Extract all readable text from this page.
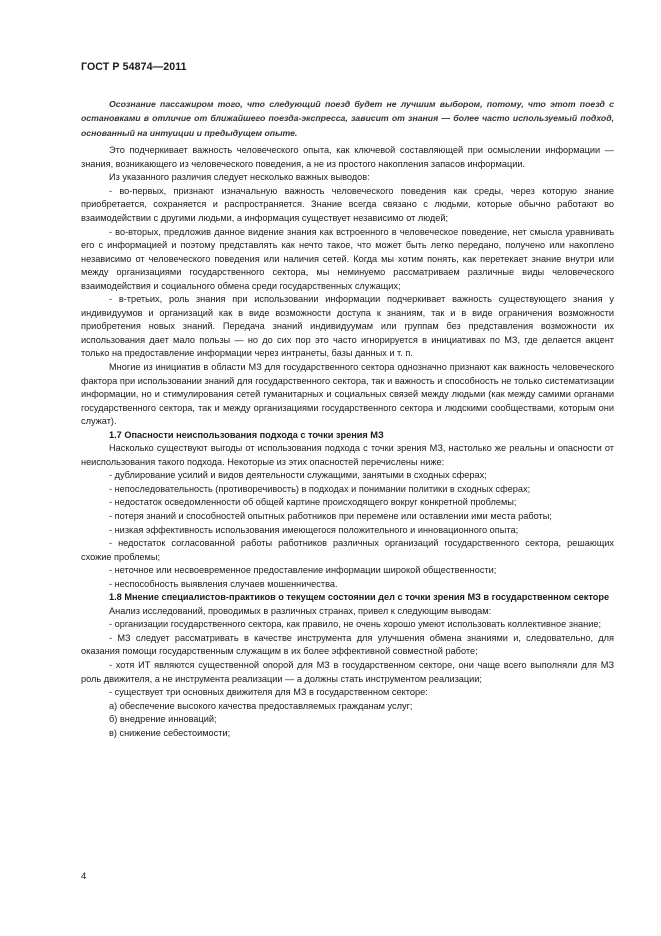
ГОСТ Р 54874—2011

Осознание пассажиром того, что следующий поезд будет не лучшим выбором, потому, что этот поезд с остановками в отличие от ближайшего поезда-экспресса, зависит от знания — более часто используемый подход, основанный на интуиции и предыдущем опыте.

Это подчеркивает важность человеческого опыта, как ключевой составляющей при осмыслении информации — знания, возникающего из человеческого поведения, а не из простого накопления запасов информации.

Из указанного различия следует несколько важных выводов:

- во-первых, признают изначальную важность человеческого поведения как среды, через которую знание приобретается, сохраняется и распространяется. Знание всегда связано с людьми, которые обычно работают во взаимодействии с другими людьми, а информация существует независимо от людей;

- во-вторых, предложив данное видение знания как встроенного в человеческое поведение, нет смысла уравнивать его с информацией и поэтому представлять как нечто такое, что может быть легко передано, получено или накоплено независимо от человеческого поведения или наличия сетей. Когда мы хотим понять, как перетекает знание внутри или между организациями государственного сектора, мы неминуемо рассматриваем различные виды человеческого взаимодействия и социального обмена среди государственных служащих;

- в-третьих, роль знания при использовании информации подчеркивает важность существующего знания у индивидуумов и организаций как в виде возможности доступа к знаниям, так и в виде ограничения возможности приобретения новых знаний. Передача знаний индивидуумам или группам без представления возможности их использования дает мало пользы — но до сих пор это часто игнорируется в инициативах по МЗ, где делается акцент только на предоставление информации через интранеты, базы данных и т. п.

Многие из инициатив в области МЗ для государственного сектора однозначно признают как важность человеческого фактора при использовании знаний для государственного сектора, так и важность и способность не только систематизации информации, но и стимулирования сетей гуманитарных и социальных связей между людьми (как между самими органами государственного сектора, так и между организациями государственного сектора и людскими сообществами, которым они служат).

1.7 Опасности неиспользования подхода с точки зрения МЗ

Насколько существуют выгоды от использования подхода с точки зрения МЗ, настолько же реальны и опасности от неиспользования такого подхода. Некоторые из этих опасностей перечислены ниже:

- дублирование усилий и видов деятельности служащими, занятыми в сходных сферах;

- непоследовательность (противоречивость) в подходах и понимании политики в сходных сферах;

- недостаток осведомленности об общей картине происходящего вокруг конкретной проблемы;

- потеря знаний и способностей опытных работников при перемене или оставлении ими места работы;

- низкая эффективность использования имеющегося положительного и инновационного опыта;

- недостаток согласованной работы работников различных организаций государственного сектора, решающих схожие проблемы;

- неточное или несвоевременное предоставление информации широкой общественности;

- неспособность выявления случаев мошенничества.

1.8 Мнение специалистов-практиков о текущем состоянии дел с точки зрения МЗ в государственном секторе

Анализ исследований, проводимых в различных странах, привел к следующим выводам:

- организации государственного сектора, как правило, не очень хорошо умеют использовать коллективное знание;

- МЗ следует рассматривать в качестве инструмента для улучшения обмена знаниями и, следовательно, для оказания помощи государственным служащим в их более эффективной совместной работе;

- хотя ИТ являются существенной опорой для МЗ в государственном секторе, они чаще всего выполняли для МЗ роль движителя, а не инструмента реализации — а должны стать инструментом реализации;

- существует три основных движителя для МЗ в государственном секторе:

а) обеспечение высокого качества предоставляемых гражданам услуг;

б) внедрение инноваций;

в) снижение себестоимости;

4
